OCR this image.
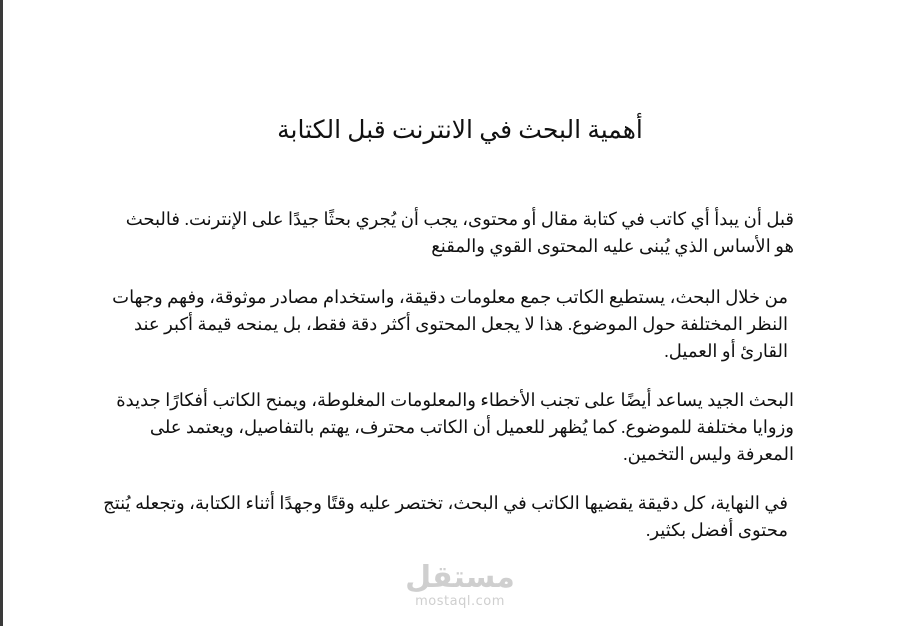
أهمية البحث في الانترنت قبل الكتابة

قبل أن يبدأ أي كاتب في كتابة مقال أو محتوى، يجب أن يُجري بحثًا جيدًا على الإنترنت. فالبحث هو الأساس الذي يُبنى عليه المحتوى القوي والمقنع

من خلال البحث، يستطيع الكاتب جمع معلومات دقيقة، واستخدام مصادر موثوقة، وفهم وجهات النظر المختلفة حول الموضوع. هذا لا يجعل المحتوى أكثر دقة فقط، بل يمنحه قيمة أكبر عند القارئ أو العميل.

البحث الجيد يساعد أيضًا على تجنب الأخطاء والمعلومات المغلوطة، ويمنح الكاتب أفكارًا جديدة وزوايا مختلفة للموضوع. كما يُظهر للعميل أن الكاتب محترف، يهتم بالتفاصيل، ويعتمد على المعرفة وليس التخمين.

في النهاية، كل دقيقة يقضيها الكاتب في البحث، تختصر عليه وقتًا وجهدًا أثناء الكتابة، وتجعله يُنتج محتوى أفضل بكثير.

مستقل
mostaql.com
